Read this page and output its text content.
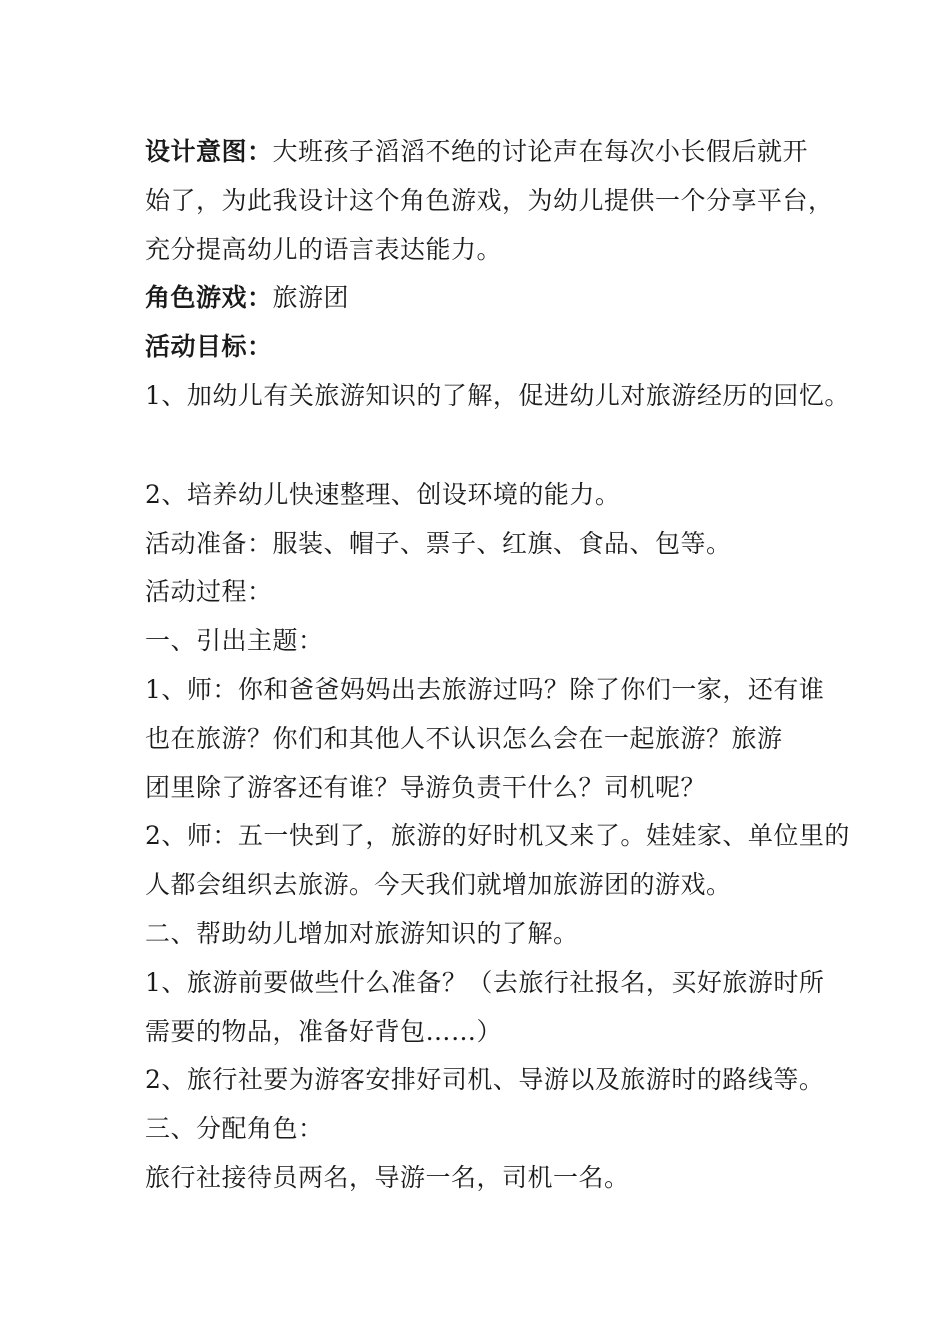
设计意图：大班孩子滔滔不绝的讨论声在每次小长假后就开
始了，为此我设计这个角色游戏，为幼儿提供一个分享平台，
充分提高幼儿的语言表达能力。
角色游戏：旅游团
活动目标：
1、加幼儿有关旅游知识的了解，促进幼儿对旅游经历的回忆。
2、培养幼儿快速整理、创设环境的能力。
活动准备：服装、帽子、票子、红旗、食品、包等。
活动过程：
一、引出主题：
1、师：你和爸爸妈妈出去旅游过吗？除了你们一家，还有谁
也在旅游？你们和其他人不认识怎么会在一起旅游？旅游
团里除了游客还有谁？导游负责干什么？司机呢？
2、师：五一快到了，旅游的好时机又来了。娃娃家、单位里的
人都会组织去旅游。今天我们就增加旅游团的游戏。
二、帮助幼儿增加对旅游知识的了解。
1、旅游前要做些什么准备？（去旅行社报名，买好旅游时所
需要的物品，准备好背包……）
2、旅行社要为游客安排好司机、导游以及旅游时的路线等。
三、分配角色：
旅行社接待员两名，导游一名，司机一名。
